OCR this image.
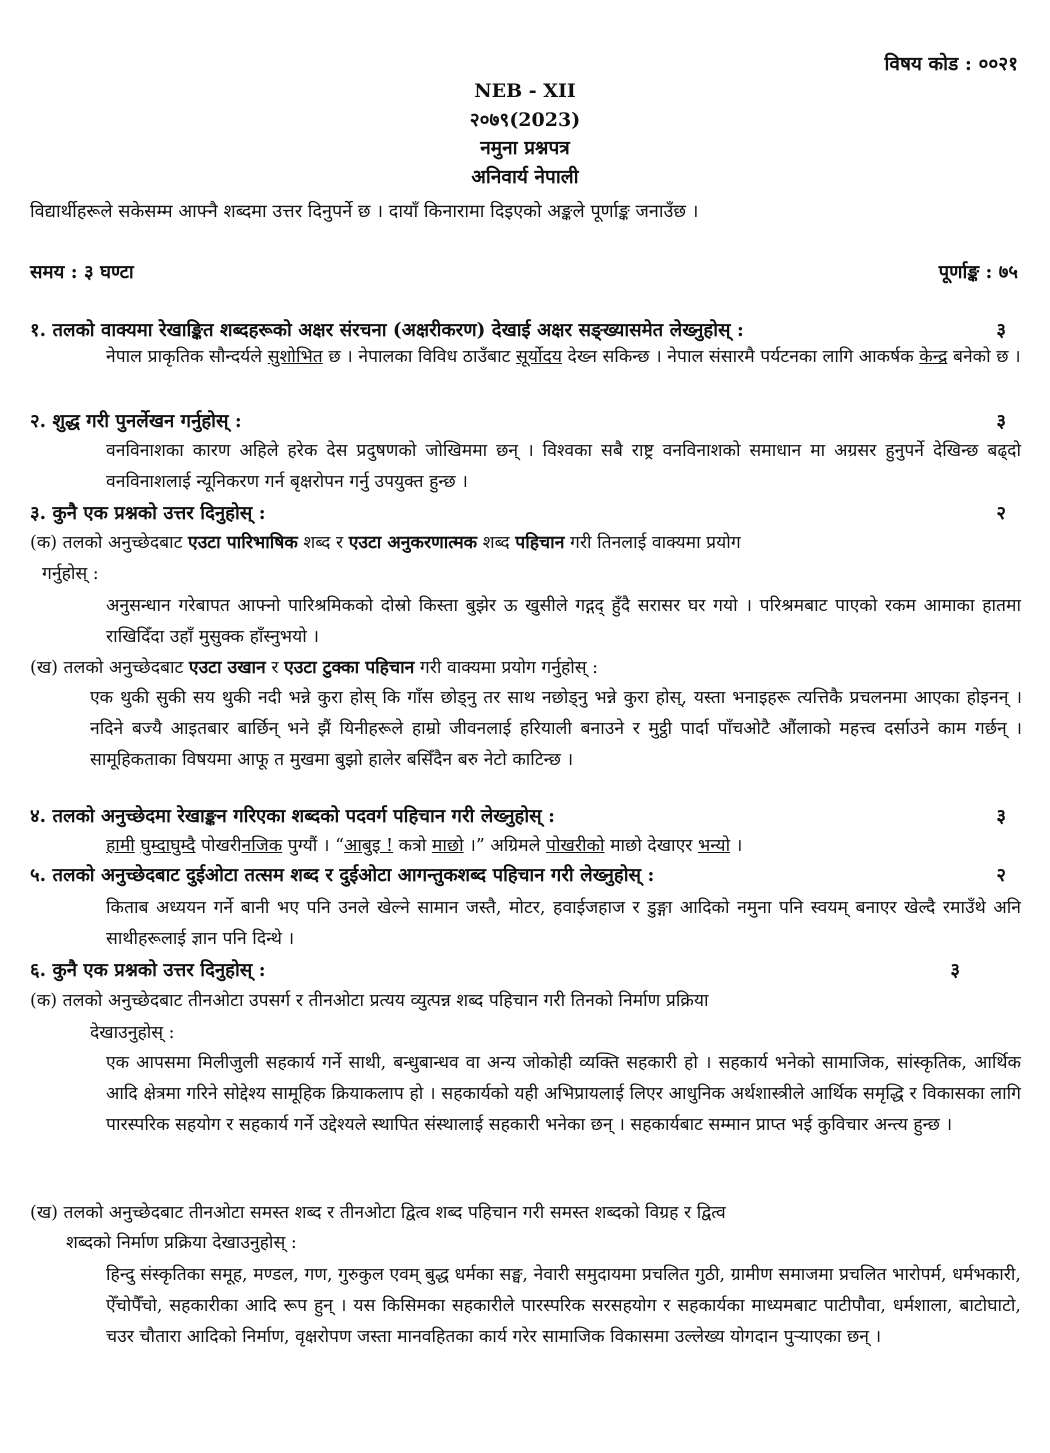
विषय कोड : ००२१
NEB - XII
२०७९(2023)
नमुना प्रश्नपत्र
अनिवार्य नेपाली
विद्यार्थीहरूले सकेसम्म आफ्नै शब्दमा उत्तर दिनुपर्ने छ । दायाँ किनारामा दिइएको अङ्कले पूर्णाङ्क जनाउँछ ।
समय : ३ घण्टा	पूर्णाङ्क : ७५
१. तलको वाक्यमा रेखाङ्कित शब्दहरूको अक्षर संरचना (अक्षरीकरण) देखाई अक्षर सङ्ख्यासमेत लेख्नुहोस् :	३
नेपाल प्राकृतिक सौन्दर्यले सुशोभित छ । नेपालका विविध ठाउँबाट सूर्योदय देख्न सकिन्छ । नेपाल संसारमै पर्यटनका लागि आकर्षक केन्द्र बनेको छ ।
२. शुद्ध गरी पुनर्लेखन गर्नुहोस् :	३
वनविनाशका कारण अहिले हरेक देस प्रदुषणको जोखिममा छन् । विश्वका सबै राष्ट्र वनविनाशको समाधान मा अग्रसर हुनुपर्ने देखिन्छ बढ्दो वनविनाशलाई न्यूनिकरण गर्न बृक्षरोपन गर्नु उपयुक्त हुन्छ ।
३. कुनै एक प्रश्नको उत्तर दिनुहोस् :	२
(क) तलको अनुच्छेदबाट एउटा पारिभाषिक शब्द र एउटा अनुकरणात्मक शब्द पहिचान गरी तिनलाई वाक्यमा प्रयोग
गर्नुहोस् :
अनुसन्धान गरेबापत आफ्नो पारिश्रमिकको दोस्रो किस्ता बुझेर ऊ खुसीले गद्गद् हुँदै सरासर घर गयो । परिश्रमबाट पाएको रकम आमाका हातमा राखिदिँदा उहाँ मुसुक्क हाँस्नुभयो ।
(ख) तलको अनुच्छेदबाट एउटा उखान र एउटा टुक्का पहिचान गरी वाक्यमा प्रयोग गर्नुहोस् :
एक थुकी सुकी सय थुकी नदी भन्ने कुरा होस् कि गाँस छोड्नु तर साथ नछोड्नु भन्ने कुरा होस्, यस्ता भनाइहरू त्यत्तिकै प्रचलनमा आएका होइनन् । नदिने बज्यै आइतबार बार्छिन् भने झैं यिनीहरूले हाम्रो जीवनलाई हरियाली बनाउने र मुट्ठी पार्दा पाँचओटै औंलाको महत्त्व दर्साउने काम गर्छन् । सामूहिकताका विषयमा आफू त मुखमा बुझो हालेर बसिँदैन बरु नेटो काटिन्छ ।
४. तलको अनुच्छेदमा रेखाङ्कन गरिएका शब्दको पदवर्ग पहिचान गरी लेख्नुहोस् :	३
हामी घुम्दाघुम्दै पोखरीनजिक पुग्यौं । “आबुइ ! कत्रो माछो ।” अग्रिमले पोखरीको माछो देखाएर भन्यो ।
५. तलको अनुच्छेदबाट दुईओटा तत्सम शब्द र दुईओटा आगन्तुकशब्द पहिचान गरी लेख्नुहोस् :	२
किताब अध्ययन गर्ने बानी भए पनि उनले खेल्ने सामान जस्तै, मोटर, हवाईजहाज र डुङ्गा आदिको नमुना पनि स्वयम् बनाएर खेल्दै रमाउँथे अनि साथीहरूलाई ज्ञान पनि दिन्थे ।
६. कुनै एक प्रश्नको उत्तर दिनुहोस् :	३
(क) तलको अनुच्छेदबाट तीनओटा उपसर्ग र तीनओटा प्रत्यय व्युत्पन्न शब्द पहिचान गरी तिनको निर्माण प्रक्रिया
देखाउनुहोस् :
एक आपसमा मिलीजुली सहकार्य गर्ने साथी, बन्धुबान्धव वा अन्य जोकोही व्यक्ति सहकारी हो । सहकार्य भनेको सामाजिक, सांस्कृतिक, आर्थिक आदि क्षेत्रमा गरिने सोद्देश्य सामूहिक क्रियाकलाप हो । सहकार्यको यही अभिप्रायलाई लिएर आधुनिक अर्थशास्त्रीले आर्थिक समृद्धि र विकासका लागि पारस्परिक सहयोग र सहकार्य गर्ने उद्देश्यले स्थापित संस्थालाई सहकारी भनेका छन् । सहकार्यबाट सम्मान प्राप्त भई कुविचार अन्त्य हुन्छ ।
(ख) तलको अनुच्छेदबाट तीनओटा समस्त शब्द र तीनओटा द्वित्व शब्द पहिचान गरी समस्त शब्दको विग्रह र द्वित्व
शब्दको निर्माण प्रक्रिया देखाउनुहोस् :
हिन्दु संस्कृतिका समूह, मण्डल, गण, गुरुकुल एवम् बुद्ध धर्मका सङ्घ, नेवारी समुदायमा प्रचलित गुठी, ग्रामीण समाजमा प्रचलित भारोपर्म, धर्मभकारी, ऐँचोपैँचो, सहकारीका आदि रूप हुन् । यस किसिमका सहकारीले पारस्परिक सरसहयोग र सहकार्यका माध्यमबाट पाटीपौवा, धर्मशाला, बाटोघाटो, चउर चौतारा आदिको निर्माण, वृक्षरोपण जस्ता मानवहितका कार्य गरेर सामाजिक विकासमा उल्लेख्य योगदान पुऱ्याएका छन् ।
